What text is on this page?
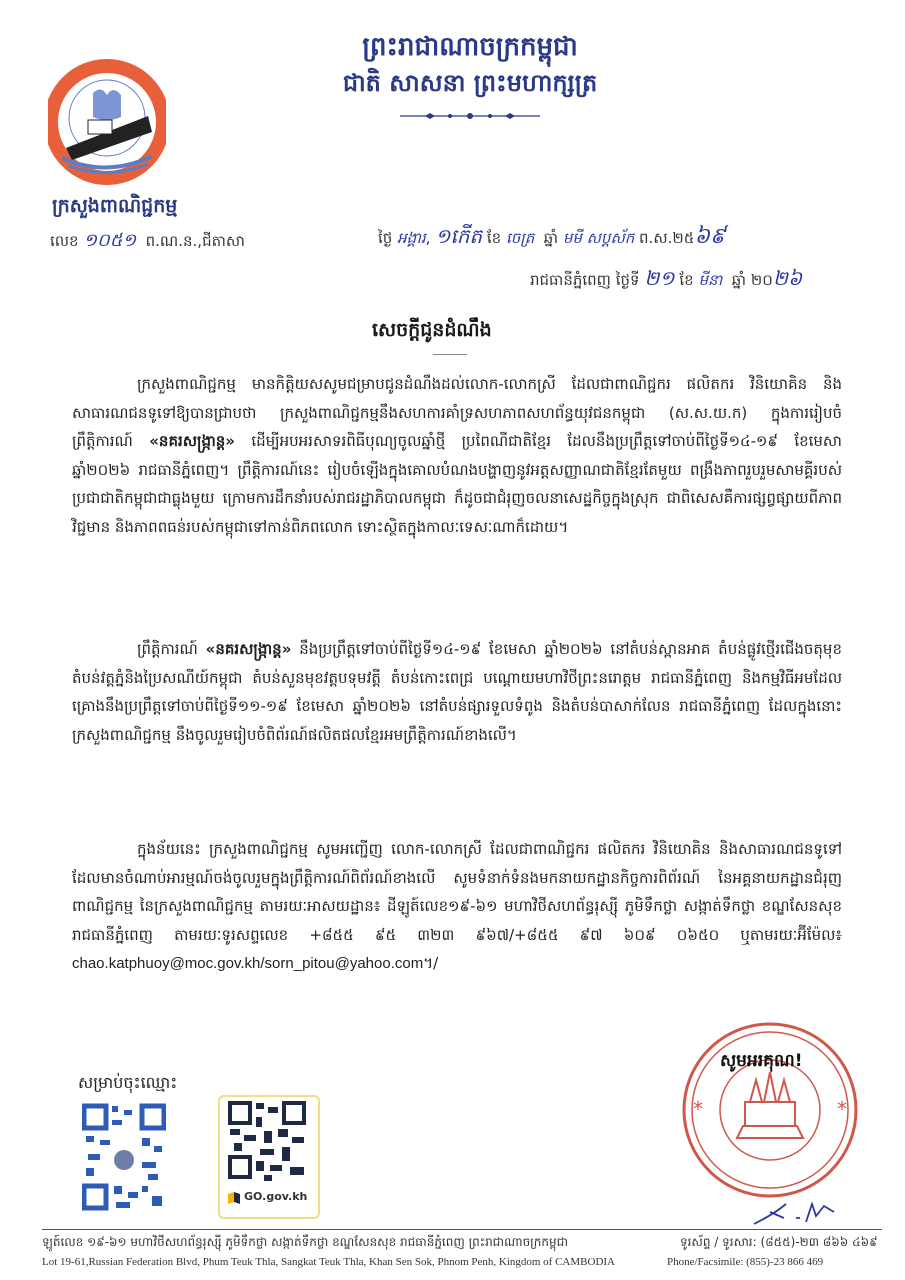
ព្រះរាជាណាចក្រកម្ពុជា
ជាតិ សាសនា ព្រះមហាក្សត្រ
ក្រសួងពាណិជ្ជកម្ម
លេខ ១០៥១ ព.ណ.ន.,ជីតាសា	ថ្ងៃ អង្គារ, ១កើត ខែ ចេត្រ ឆ្នាំ មមី សប្តស័ក ព.ស.២៥៦៩
រាជធានីភ្នំពេញ ថ្ងៃទី ២១ ខែ មីនា ឆ្នាំ ២០២៦
សេចក្តីជូនដំណឹង
ក្រសួងពាណិជ្ជកម្ម មានកិត្តិយសសូមជម្រាបជូនដំណឹងដល់លោក-លោកស្រី ដែលជាពាណិជ្ជករ ផលិតករ វិនិយោគិន និងសាធារណជនទូទៅឱ្យបានជ្រាបថា ក្រសួងពាណិជ្ជកម្មនឹងសហការគាំទ្រសហភាពសហព័ន្ធយុវជនកម្ពុជា (ស.ស.យ.ក) ក្នុងការរៀបចំព្រឹត្តិការណ៍ «នគរសង្ក្រាន្ត» ដើម្បីអបអរសាទរពិធីបុណ្យចូលឆ្នាំថ្មី ប្រពៃណីជាតិខ្មែរ ដែលនឹងប្រព្រឹត្តទៅចាប់ពីថ្ងៃទី១៤-១៩ ខែមេសា ឆ្នាំ២០២៦ រាជធានីភ្នំពេញ។ ព្រឹត្តិការណ៍នេះ រៀបចំឡើងក្នុងគោលបំណងបង្ហាញនូវអត្តសញ្ញាណជាតិខ្មែរតែមួយ ពង្រឹងភាពរួបរួមសាមគ្គីរបស់ប្រជាជាតិកម្ពុជាជាធ្លុងមួយ ក្រោមការដឹកនាំរបស់រាជរដ្ឋាភិបាលកម្ពុជា ក៏ដូចជាជំរុញចលនាសេដ្ឋកិច្ចក្នុងស្រុក ជាពិសេសគឺការផ្សព្វផ្សាយពីភាពវិជ្ជមាន និងភាពពធន់របស់កម្ពុជាទៅកាន់ពិភពលោក ទោះស្ថិតក្នុងកាលៈទេសៈណាក៏ដោយ។
ព្រឹត្តិការណ៍ «នគរសង្ក្រាន្ត» នឹងប្រព្រឹត្តទៅចាប់ពីថ្ងៃទី១៤-១៩ ខែមេសា ឆ្នាំ២០២៦ នៅតំបន់ស្ពានអាគ តំបន់ផ្លូវថ្មើរជើងចតុមុខ តំបន់វត្តភ្នំនិងប្រៃសណីយ៍កម្ពុជា តំបន់សួនមុខវត្តបទុមវត្តី តំបន់កោះពេជ្រ បណ្តោយមហាវិថីព្រះនរោត្តម រាជធានីភ្នំពេញ និងកម្មវិធីអមដែលគ្រោងនឹងប្រព្រឹត្តទៅចាប់ពីថ្ងៃទី១១-១៩ ខែមេសា ឆ្នាំ២០២៦ នៅតំបន់ផ្សារទួលទំពូង និងតំបន់បាសាក់លែន រាជធានីភ្នំពេញ ដែលក្នុងនោះ ក្រសួងពាណិជ្ជកម្ម នឹងចូលរួមរៀបចំពិព័រណ៍ផលិតផលខ្មែរអមព្រឹត្តិការណ៍ខាងលើ។
ក្នុងន័យនេះ ក្រសួងពាណិជ្ជកម្ម សូមអញ្ជើញ លោក-លោកស្រី ដែលជាពាណិជ្ជករ ផលិតករ វិនិយោគិន និងសាធារណជនទូទៅ ដែលមានចំណាប់អារម្មណ៍ចង់ចូលរួមក្នុងព្រឹត្តិការណ៍ពិព័រណ៍ខាងលើ សូមទំនាក់ទំនងមកនាយកដ្ឋានកិច្ចការពិព័រណ៍ នៃអគ្គនាយកដ្ឋានជំរុញពាណិជ្ជកម្ម នៃក្រសួងពាណិជ្ជកម្ម តាមរយៈអាសយដ្ឋាន៖ ដីឡូត៍លេខ១៩-៦១ មហាវិថីសហព័ន្ធរុស្ស៊ី ភូមិទឹកថ្លា សង្កាត់ទឹកថ្លា ខណ្ឌសែនសុខ រាជធានីភ្នំពេញ តាមរយៈទូរសព្ទលេខ +៨៥៥ ៩៥ ៣២៣ ៩៦៧/+៨៥៥ ៩៧ ៦០៩ ០៦៥០ ឬតាមរយៈអ៊ីម៉ែល៖ chao.katphuoy@moc.gov.kh/sorn_pitou@yahoo.com។/
*	*
សូមអរគុណ!
សម្រាប់ចុះឈ្មោះ
GO.gov.kh
ឡូត៍លេខ ១៩-៦១ មហាវិថីសហព័ន្ធរុស្ស៊ី ភូមិទឹកថ្លា សង្កាត់ទឹកថ្លា ខណ្ឌសែនសុខ រាជធានីភ្នំពេញ ព្រះរាជាណាចក្រកម្ពុជា	ទូរស័ព្ទ / ទូរសារ: (៨៥៥)-២៣ ៨៦៦ ៤៦៩
Lot 19-61,Russian Federation Blvd, Phum Teuk Thla, Sangkat Teuk Thla, Khan Sen Sok, Phnom Penh, Kingdom of CAMBODIA	Phone/Facsimile: (855)-23 866 469
